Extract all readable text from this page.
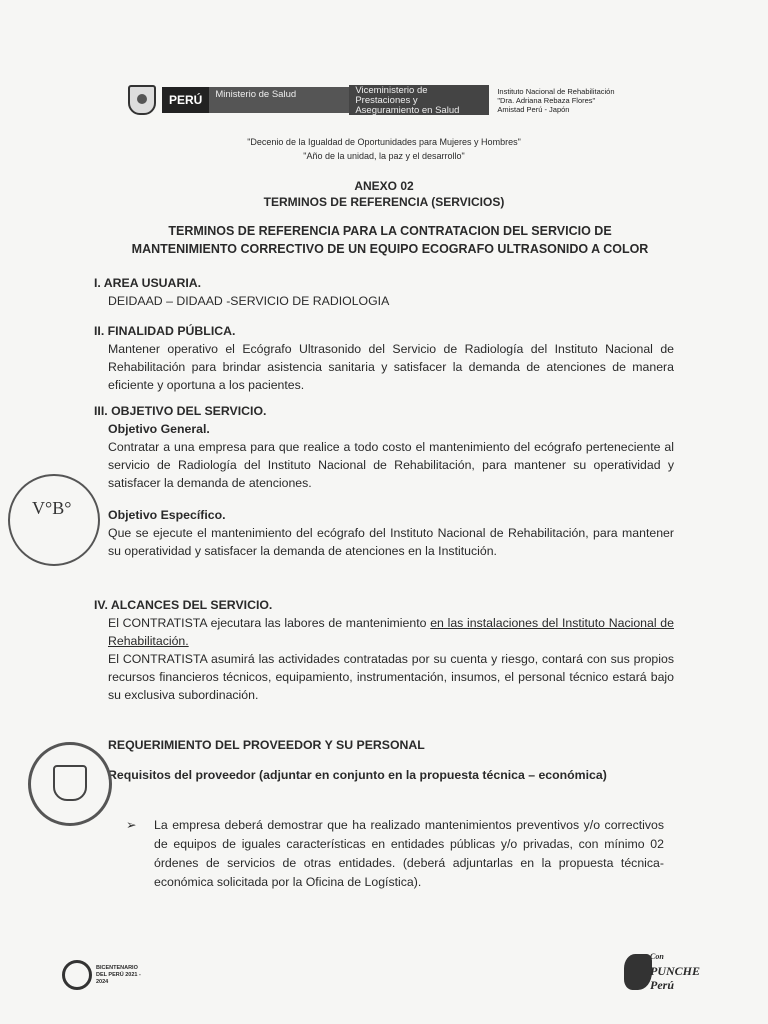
PERÚ	Ministerio de Salud	Viceministerio de Prestaciones y Aseguramiento en Salud
Instituto Nacional de Rehabilitación
"Dra. Adriana Rebaza Flores"
Amistad Perú - Japón
"Decenio de la Igualdad de Oportunidades para Mujeres y Hombres"
"Año de la unidad, la paz y el desarrollo"
ANEXO 02
TERMINOS DE REFERENCIA (SERVICIOS)
TERMINOS DE REFERENCIA PARA LA CONTRATACION DEL SERVICIO DE
MANTENIMIENTO CORRECTIVO DE UN EQUIPO ECOGRAFO ULTRASONIDO A COLOR
I. AREA USUARIA.
DEIDAAD – DIDAAD -SERVICIO DE RADIOLOGIA
II. FINALIDAD PÚBLICA.
Mantener operativo el Ecógrafo Ultrasonido del Servicio de Radiología del Instituto Nacional de Rehabilitación para brindar asistencia sanitaria y satisfacer la demanda de atenciones de manera eficiente y oportuna a los pacientes.
III. OBJETIVO DEL SERVICIO.
Objetivo General.
Contratar a una empresa para que realice a todo costo el mantenimiento del ecógrafo perteneciente al servicio de Radiología del Instituto Nacional de Rehabilitación, para mantener su operatividad y satisfacer la demanda de atenciones.
Objetivo Específico.
Que se ejecute el mantenimiento del ecógrafo del Instituto Nacional de Rehabilitación, para mantener su operatividad y satisfacer la demanda de atenciones en la Institución.
IV. ALCANCES DEL SERVICIO.
El CONTRATISTA ejecutara las labores de mantenimiento en las instalaciones del Instituto Nacional de Rehabilitación.
El CONTRATISTA asumirá las actividades contratadas por su cuenta y riesgo, contará con sus propios recursos financieros técnicos, equipamiento, instrumentación, insumos, el personal técnico estará bajo su exclusiva subordinación.
REQUERIMIENTO DEL PROVEEDOR Y SU PERSONAL
Requisitos del proveedor (adjuntar en conjunto en la propuesta técnica – económica)
➢	La empresa deberá demostrar que ha realizado mantenimientos preventivos y/o correctivos de equipos de iguales características en entidades públicas y/o privadas, con mínimo 02 órdenes de servicios de otras entidades. (deberá adjuntarlas en la propuesta técnica-económica solicitada por la Oficina de Logística).
V°B°
BICENTENARIO DEL PERÚ 2021 - 2024
Con
PUNCHE
Perú
